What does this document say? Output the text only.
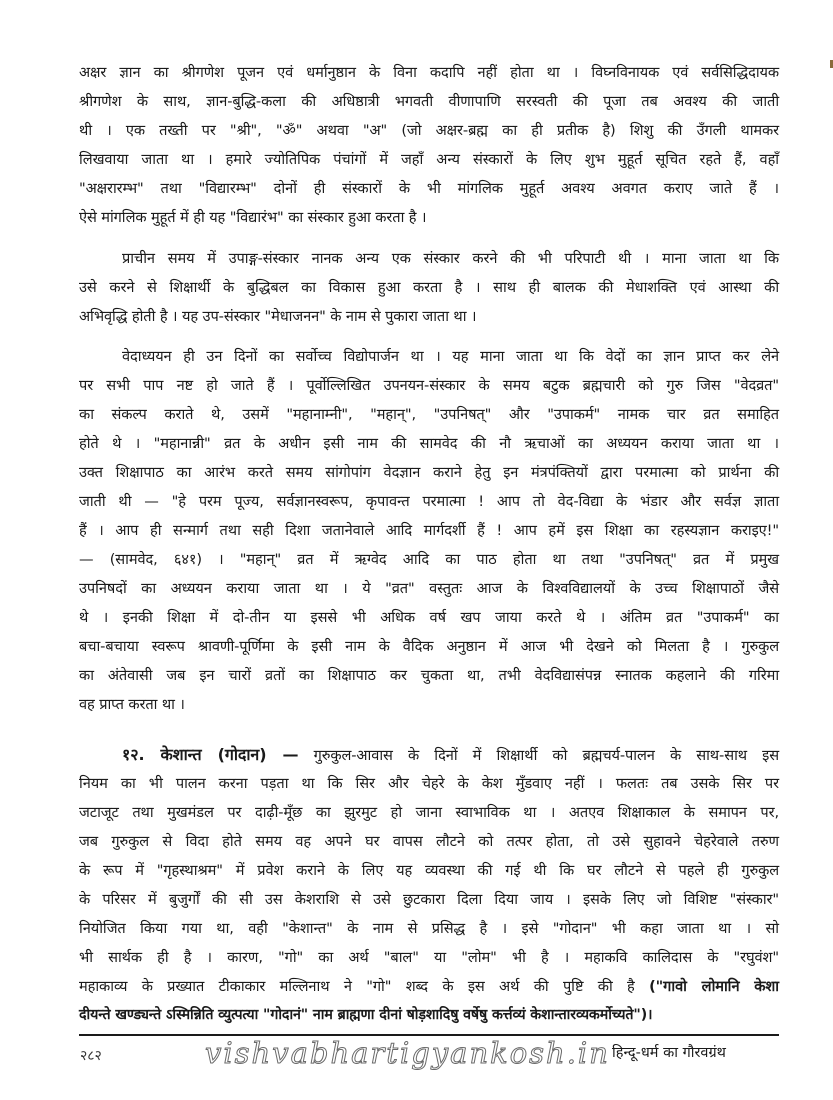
अक्षर ज्ञान का श्रीगणेश पूजन एवं धर्मानुष्ठान के विना कदापि नहीं होता था । विघ्नविनायक एवं सर्वसिद्धिदायक
श्रीगणेश के साथ, ज्ञान-बुद्धि-कला की अधिष्ठात्री भगवती वीणापाणि सरस्वती की पूजा तब अवश्य की जाती
थी । एक तख्ती पर "श्री", "ॐ" अथवा "अ" (जो अक्षर-ब्रह्म का ही प्रतीक है) शिशु की उँगली थामकर
लिखवाया जाता था । हमारे ज्योतिपिक पंचांगों में जहाँ अन्य संस्कारों के लिए शुभ मुहूर्त सूचित रहते हैं, वहाँ
"अक्षरारम्भ" तथा "विद्यारम्भ" दोनों ही संस्कारों के भी मांगलिक मुहूर्त अवश्य अवगत कराए जाते हैं ।
ऐसे मांगलिक मुहूर्त में ही यह "विद्यारंभ" का संस्कार हुआ करता है ।
प्राचीन समय में उपाङ्ग-संस्कार नानक अन्य एक संस्कार करने की भी परिपाटी थी । माना जाता था कि
उसे करने से शिक्षार्थी के बुद्धिबल का विकास हुआ करता है । साथ ही बालक की मेधाशक्ति एवं आस्था की
अभिवृद्धि होती है । यह उप-संस्कार "मेधाजनन" के नाम से पुकारा जाता था ।
वेदाध्ययन ही उन दिनों का सर्वोच्च विद्योपार्जन था । यह माना जाता था कि वेदों का ज्ञान प्राप्त कर लेने
पर सभी पाप नष्ट हो जाते हैं । पूर्वोल्लिखित उपनयन-संस्कार के समय बटुक ब्रह्मचारी को गुरु जिस "वेदव्रत"
का संकल्प कराते थे, उसमें "महानाम्नी", "महान्", "उपनिषत्" और "उपाकर्म" नामक चार व्रत समाहित
होते थे । "महानान्नी" व्रत के अधीन इसी नाम की सामवेद की नौ ऋचाओं का अध्ययन कराया जाता था ।
उक्त शिक्षापाठ का आरंभ करते समय सांगोपांग वेदज्ञान कराने हेतु इन मंत्रपंक्तियों द्वारा परमात्मा को प्रार्थना की
जाती थी — "हे परम पूज्य, सर्वज्ञानस्वरूप, कृपावन्त परमात्मा ! आप तो वेद-विद्या के भंडार और सर्वज्ञ ज्ञाता
हैं । आप ही सन्मार्ग तथा सही दिशा जतानेवाले आदि मार्गदर्शी हैं ! आप हमें इस शिक्षा का रहस्यज्ञान कराइए!"
— (सामवेद, ६४१) । "महान्" व्रत में ऋग्वेद आदि का पाठ होता था तथा "उपनिषत्" व्रत में प्रमुख
उपनिषदों का अध्ययन कराया जाता था । ये "व्रत" वस्तुतः आज के विश्वविद्यालयों के उच्च शिक्षापाठों जैसे
थे । इनकी शिक्षा में दो-तीन या इससे भी अधिक वर्ष खप जाया करते थे । अंतिम व्रत "उपाकर्म" का
बचा-बचाया स्वरूप श्रावणी-पूर्णिमा के इसी नाम के वैदिक अनुष्ठान में आज भी देखने को मिलता है । गुरुकुल
का अंतेवासी जब इन चारों व्रतों का शिक्षापाठ कर चुकता था, तभी वेदविद्यासंपन्न स्नातक कहलाने की गरिमा
वह प्राप्त करता था ।
१२. केशान्त (गोदान) — गुरुकुल-आवास के दिनों में शिक्षार्थी को ब्रह्मचर्य-पालन के साथ-साथ इस
नियम का भी पालन करना पड़ता था कि सिर और चेहरे के केश मुँडवाए नहीं । फलतः तब उसके सिर पर
जटाजूट तथा मुखमंडल पर दाढ़ी-मूँछ का झुरमुट हो जाना स्वाभाविक था । अतएव शिक्षाकाल के समापन पर,
जब गुरुकुल से विदा होते समय वह अपने घर वापस लौटने को तत्पर होता, तो उसे सुहावने चेहरेवाले तरुण
के रूप में "गृहस्थाश्रम" में प्रवेश कराने के लिए यह व्यवस्था की गई थी कि घर लौटने से पहले ही गुरुकुल
के परिसर में बुजुर्गों की सी उस केशराशि से उसे छुटकारा दिला दिया जाय । इसके लिए जो विशिष्ट "संस्कार"
नियोजित किया गया था, वही "केशान्त" के नाम से प्रसिद्ध है । इसे "गोदान" भी कहा जाता था । सो
भी सार्थक ही है । कारण, "गो" का अर्थ "बाल" या "लोम" भी है । महाकवि कालिदास के "रघुवंश"
महाकाव्य के प्रख्यात टीकाकार मल्लिनाथ ने "गो" शब्द के इस अर्थ की पुष्टि की है ("गावो लोमानि केशा
दीयन्ते खण्ड्यन्ते ऽस्मिन्निति व्युत्पत्या "गोदानं" नाम ब्राह्मणा दीनां षोड़शादिषु वर्षेषु कर्त्तव्यं केशान्तारव्यकर्मोच्यते")।
२८२	vishvabhartigyankosh.in हिन्दू-धर्म का गौरवग्रंथ
